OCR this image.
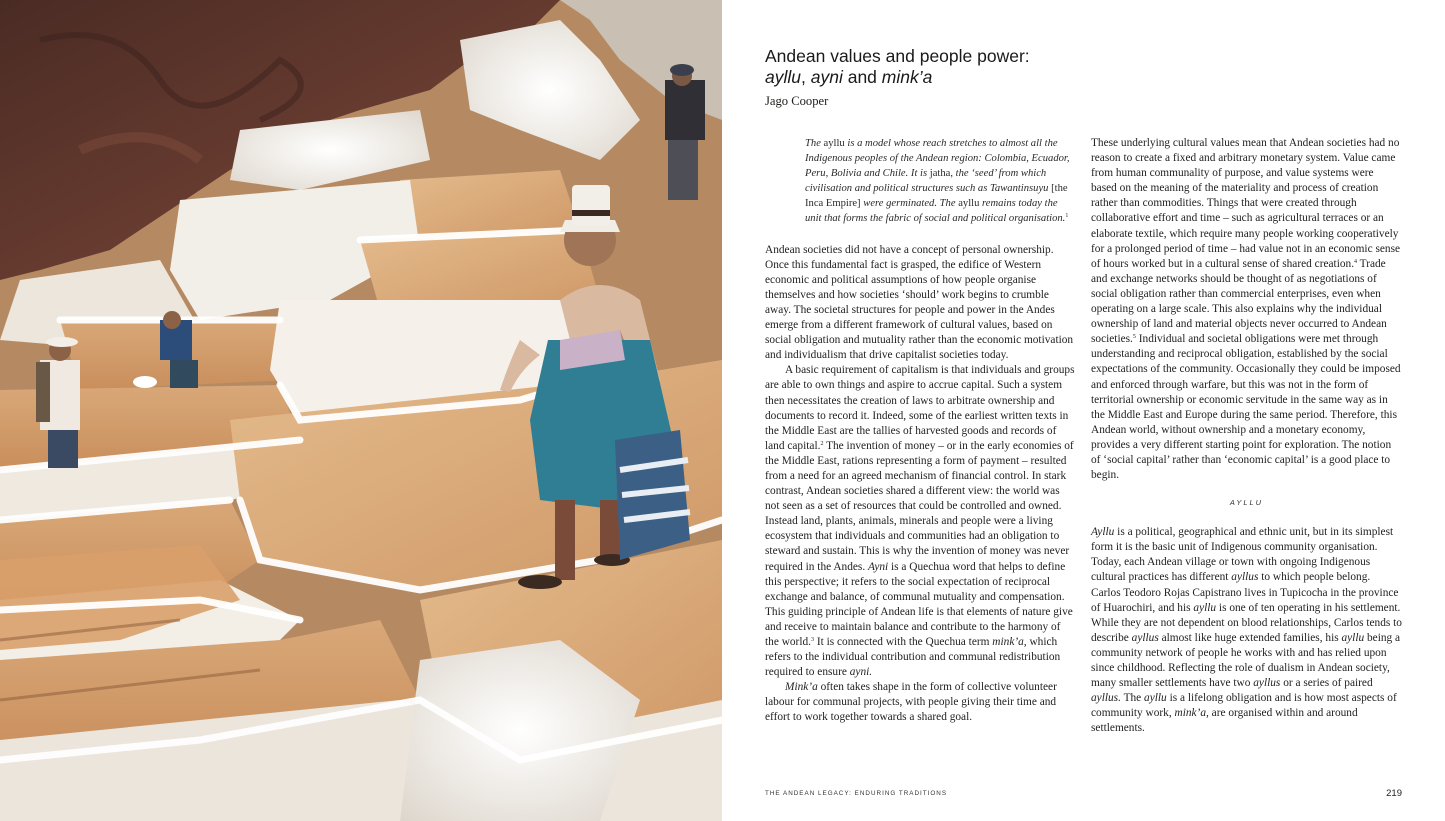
Andean values and people power:
ayllu, ayni and mink’a
Jago Cooper

The ayllu is a model whose reach stretches to almost all the Indigenous peoples of the Andean region: Colombia, Ecuador, Peru, Bolivia and Chile. It is jatha, the ‘seed’ from which civilisation and political structures such as Tawantinsuyu [the Inca Empire] were germinated. The ayllu remains today the unit that forms the fabric of social and political organisation.$^1$

Andean societies did not have a concept of personal ownership. Once this fundamental fact is grasped, the edifice of Western economic and political assumptions of how people organise themselves and how societies ‘should’ work begins to crumble away. The societal structures for people and power in the Andes emerge from a different framework of cultural values, based on social obligation and mutuality rather than the economic motivation and individualism that drive capitalist societies today.

A basic requirement of capitalism is that individuals and groups are able to own things and aspire to accrue capital. Such a system then necessitates the creation of laws to arbitrate ownership and documents to record it. Indeed, some of the earliest written texts in the Middle East are the tallies of harvested goods and records of land capital.$^2$ The invention of money – or in the early economies of the Middle East, rations representing a form of payment – resulted from a need for an agreed mechanism of financial control. In stark contrast, Andean societies shared a different view: the world was not seen as a set of resources that could be controlled and owned. Instead land, plants, animals, minerals and people were a living ecosystem that individuals and communities had an obligation to steward and sustain. This is why the invention of money was never required in the Andes. Ayni is a Quechua word that helps to define this perspective; it refers to the social expectation of reciprocal exchange and balance, of communal mutuality and compensation. This guiding principle of Andean life is that elements of nature give and receive to maintain balance and contribute to the harmony of the world.$^3$ It is connected with the Quechua term mink’a, which refers to the individual contribution and communal redistribution required to ensure ayni.

Mink’a often takes shape in the form of collective volunteer labour for communal projects, with people giving their time and effort to work together towards a shared goal.

These underlying cultural values mean that Andean societies had no reason to create a fixed and arbitrary monetary system. Value came from human communality of purpose, and value systems were based on the meaning of the materiality and process of creation rather than commodities. Things that were created through collaborative effort and time – such as agricultural terraces or an elaborate textile, which require many people working cooperatively for a prolonged period of time – had value not in an economic sense of hours worked but in a cultural sense of shared creation.$^4$ Trade and exchange networks should be thought of as negotiations of social obligation rather than commercial enterprises, even when operating on a large scale. This also explains why the individual ownership of land and material objects never occurred to Andean societies.$^5$ Individual and societal obligations were met through understanding and reciprocal obligation, established by the social expectations of the community. Occasionally they could be imposed and enforced through warfare, but this was not in the form of territorial ownership or economic servitude in the same way as in the Middle East and Europe during the same period. Therefore, this Andean world, without ownership and a monetary economy, provides a very different starting point for exploration. The notion of ‘social capital’ rather than ‘economic capital’ is a good place to begin.

AYLLU

Ayllu is a political, geographical and ethnic unit, but in its simplest form it is the basic unit of Indigenous community organisation. Today, each Andean village or town with ongoing Indigenous cultural practices has different ayllus to which people belong. Carlos Teodoro Rojas Capistrano lives in Tupicocha in the province of Huarochiri, and his ayllu is one of ten operating in his settlement. While they are not dependent on blood relationships, Carlos tends to describe ayllus almost like huge extended families, his ayllu being a community network of people he works with and has relied upon since childhood. Reflecting the role of dualism in Andean society, many smaller settlements have two ayllus or a series of paired ayllus. The ayllu is a lifelong obligation and is how most aspects of community work, mink’a, are organised within and around settlements.

THE ANDEAN LEGACY: ENDURING TRADITIONS	219
